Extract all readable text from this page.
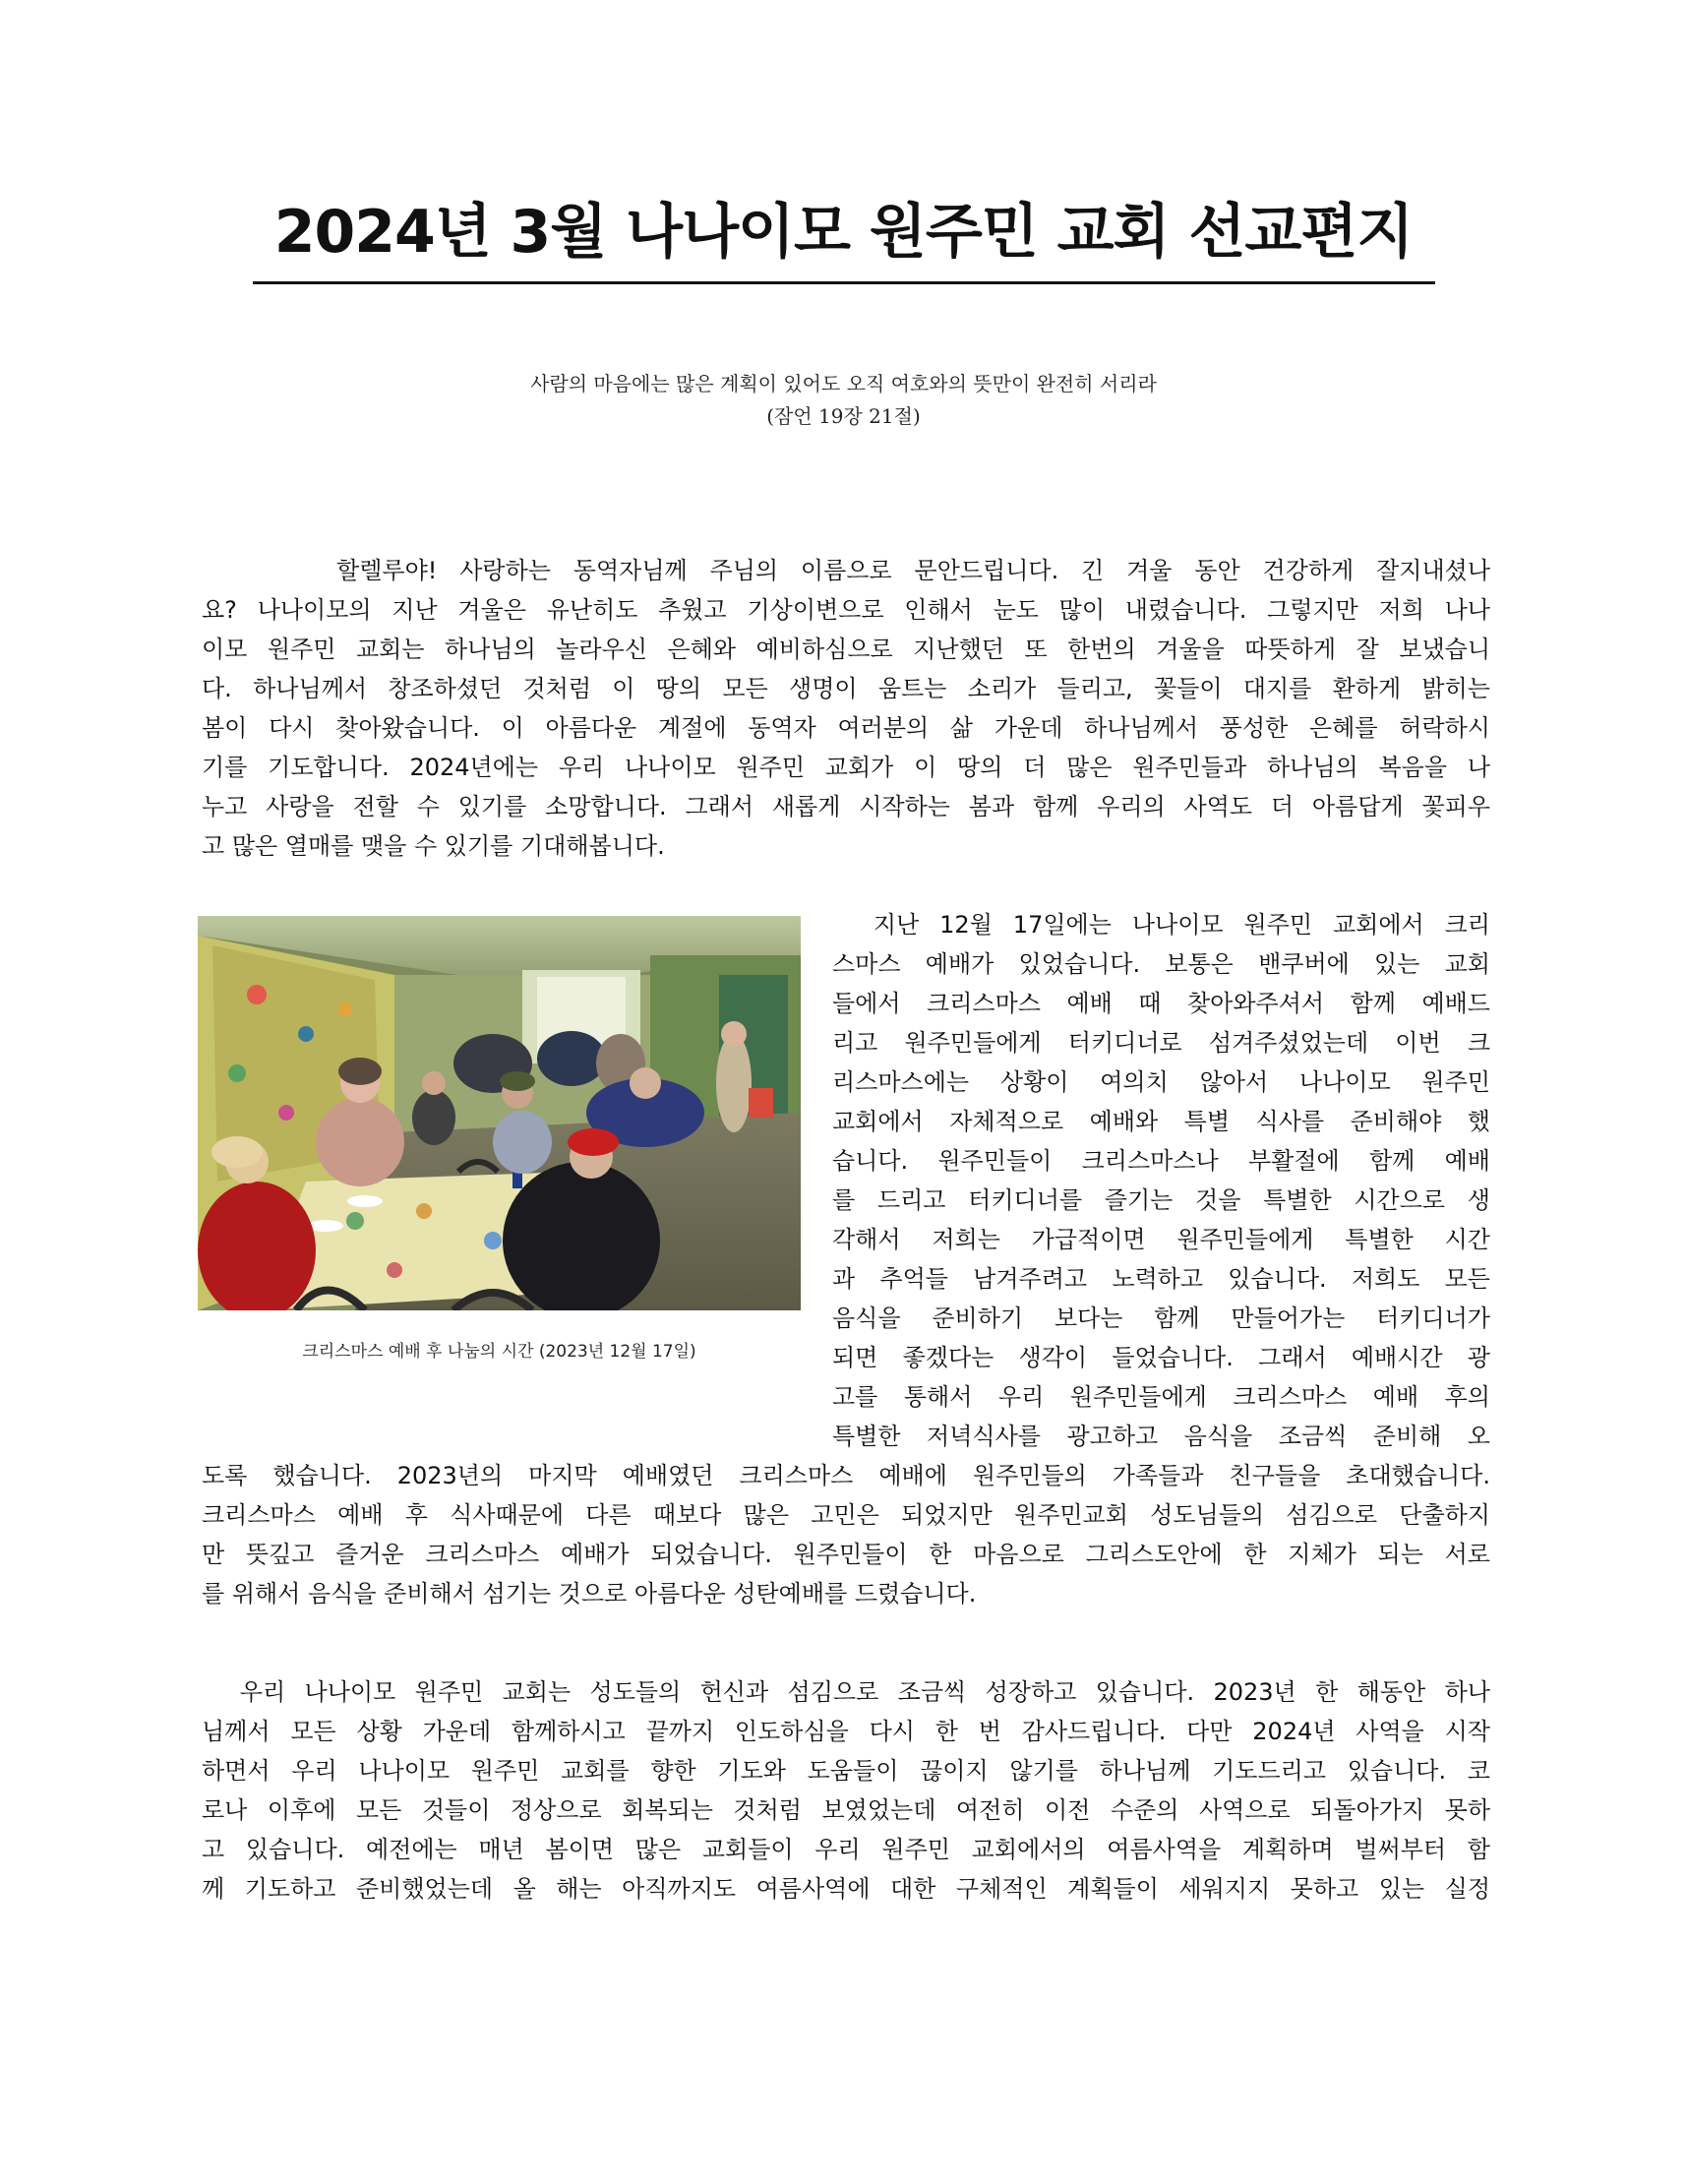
2024년 3월 나나이모 원주민 교회 선교편지
사람의 마음에는 많은 계획이 있어도 오직 여호와의 뜻만이 완전히 서리라
(잠언 19장 21절)
할렐루야! 사랑하는 동역자님께 주님의 이름으로 문안드립니다. 긴 겨울 동안 건강하게 잘지내셨나
요? 나나이모의 지난 겨울은 유난히도 추웠고 기상이변으로 인해서 눈도 많이 내렸습니다. 그렇지만 저희 나나
이모 원주민 교회는 하나님의 놀라우신 은혜와 예비하심으로 지난했던 또 한번의 겨울을 따뜻하게 잘 보냈습니
다. 하나님께서 창조하셨던 것처럼 이 땅의 모든 생명이 움트는 소리가 들리고, 꽃들이 대지를 환하게 밝히는
봄이 다시 찾아왔습니다. 이 아름다운 계절에 동역자 여러분의 삶 가운데 하나님께서 풍성한 은혜를 허락하시
기를 기도합니다. 2024년에는 우리 나나이모 원주민 교회가 이 땅의 더 많은 원주민들과 하나님의 복음을 나
누고 사랑을 전할 수 있기를 소망합니다. 그래서 새롭게 시작하는 봄과 함께 우리의 사역도 더 아름답게 꽃피우
고 많은 열매를 맺을 수 있기를 기대해봅니다.
크리스마스 예배 후 나눔의 시간 (2023년 12월 17일)
지난 12월 17일에는 나나이모 원주민 교회에서 크리
스마스 예배가 있었습니다. 보통은 밴쿠버에 있는 교회
들에서 크리스마스 예배 때 찾아와주셔서 함께 예배드
리고 원주민들에게 터키디너로 섬겨주셨었는데 이번 크
리스마스에는 상황이 여의치 않아서 나나이모 원주민
교회에서 자체적으로 예배와 특별 식사를 준비해야 했
습니다. 원주민들이 크리스마스나 부활절에 함께 예배
를 드리고 터키디너를 즐기는 것을 특별한 시간으로 생
각해서 저희는 가급적이면 원주민들에게 특별한 시간
과 추억들 남겨주려고 노력하고 있습니다. 저희도 모든
음식을 준비하기 보다는 함께 만들어가는 터키디너가
되면 좋겠다는 생각이 들었습니다. 그래서 예배시간 광
고를 통해서 우리 원주민들에게 크리스마스 예배 후의
특별한 저녁식사를 광고하고 음식을 조금씩 준비해 오
도록 했습니다. 2023년의 마지막 예배였던 크리스마스 예배에 원주민들의 가족들과 친구들을 초대했습니다.
크리스마스 예배 후 식사때문에 다른 때보다 많은 고민은 되었지만 원주민교회 성도님들의 섬김으로 단출하지
만 뜻깊고 즐거운 크리스마스 예배가 되었습니다. 원주민들이 한 마음으로 그리스도안에 한 지체가 되는 서로
를 위해서 음식을 준비해서 섬기는 것으로 아름다운 성탄예배를 드렸습니다.
우리 나나이모 원주민 교회는 성도들의 헌신과 섬김으로 조금씩 성장하고 있습니다. 2023년 한 해동안 하나
님께서 모든 상황 가운데 함께하시고 끝까지 인도하심을 다시 한 번 감사드립니다. 다만 2024년 사역을 시작
하면서 우리 나나이모 원주민 교회를 향한 기도와 도움들이 끊이지 않기를 하나님께 기도드리고 있습니다. 코
로나 이후에 모든 것들이 정상으로 회복되는 것처럼 보였었는데 여전히 이전 수준의 사역으로 되돌아가지 못하
고 있습니다. 예전에는 매년 봄이면 많은 교회들이 우리 원주민 교회에서의 여름사역을 계획하며 벌써부터 함
께 기도하고 준비했었는데 올 해는 아직까지도 여름사역에 대한 구체적인 계획들이 세워지지 못하고 있는 실정
